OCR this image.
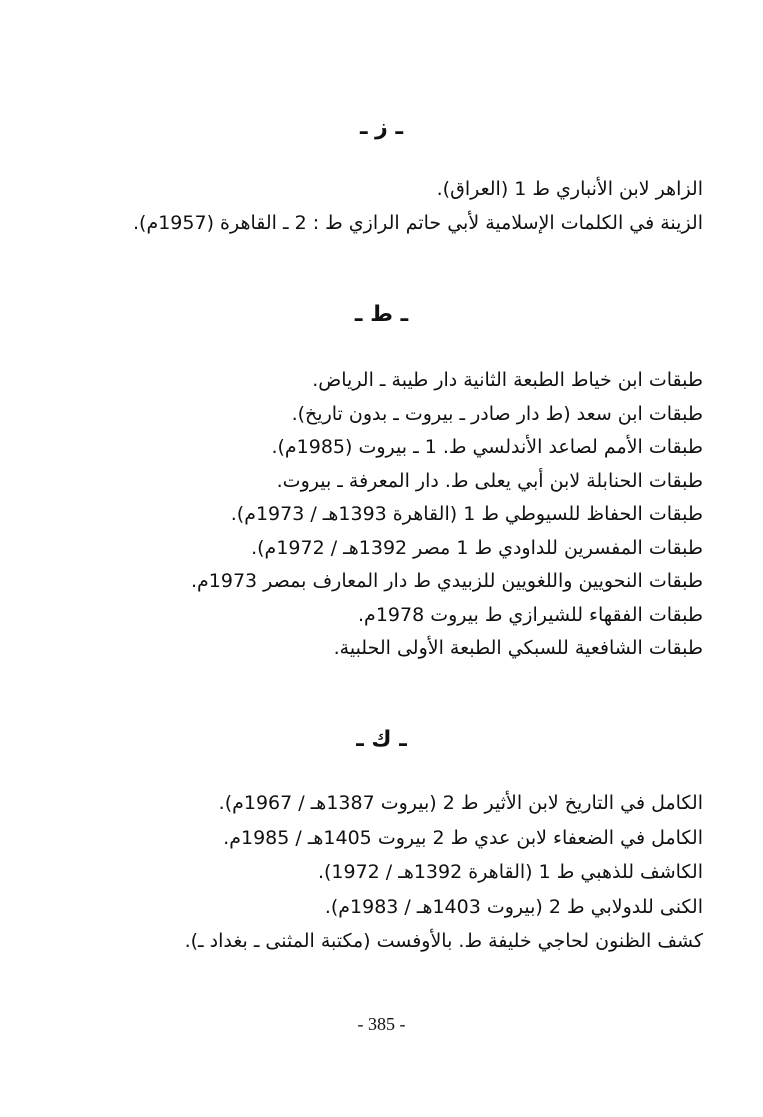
ـ ز ـ
الزاهر لابن الأنباري ط 1 (العراق).
الزينة في الكلمات الإسلامية لأبي حاتم الرازي ط : 2 ـ القاهرة (1957م).
ـ ط ـ
طبقات ابن خياط الطبعة الثانية دار طيبة ـ الرياض.
طبقات ابن سعد (ط دار صادر ـ بيروت ـ بدون تاريخ).
طبقات الأمم لصاعد الأندلسي ط. 1 ـ بيروت (1985م).
طبقات الحنابلة لابن أبي يعلى ط. دار المعرفة ـ بيروت.
طبقات الحفاظ للسيوطي ط 1 (القاهرة 1393هـ / 1973م).
طبقات المفسرين للداودي ط 1 مصر 1392هـ / 1972م).
طبقات النحويين واللغويين للزبيدي ط دار المعارف بمصر 1973م.
طبقات الفقهاء للشيرازي ط بيروت 1978م.
طبقات الشافعية للسبكي الطبعة الأولى الحلبية.
ـ ك ـ
الكامل في التاريخ لابن الأثير ط 2 (بيروت 1387هـ / 1967م).
الكامل في الضعفاء لابن عدي ط 2 بيروت 1405هـ / 1985م.
الكاشف للذهبي ط 1 (القاهرة 1392هـ / 1972).
الكنى للدولابي ط 2 (بيروت 1403هـ / 1983م).
كشف الظنون لحاجي خليفة ط. بالأوفست (مكتبة المثنى ـ بغداد ـ).
- 385 -
